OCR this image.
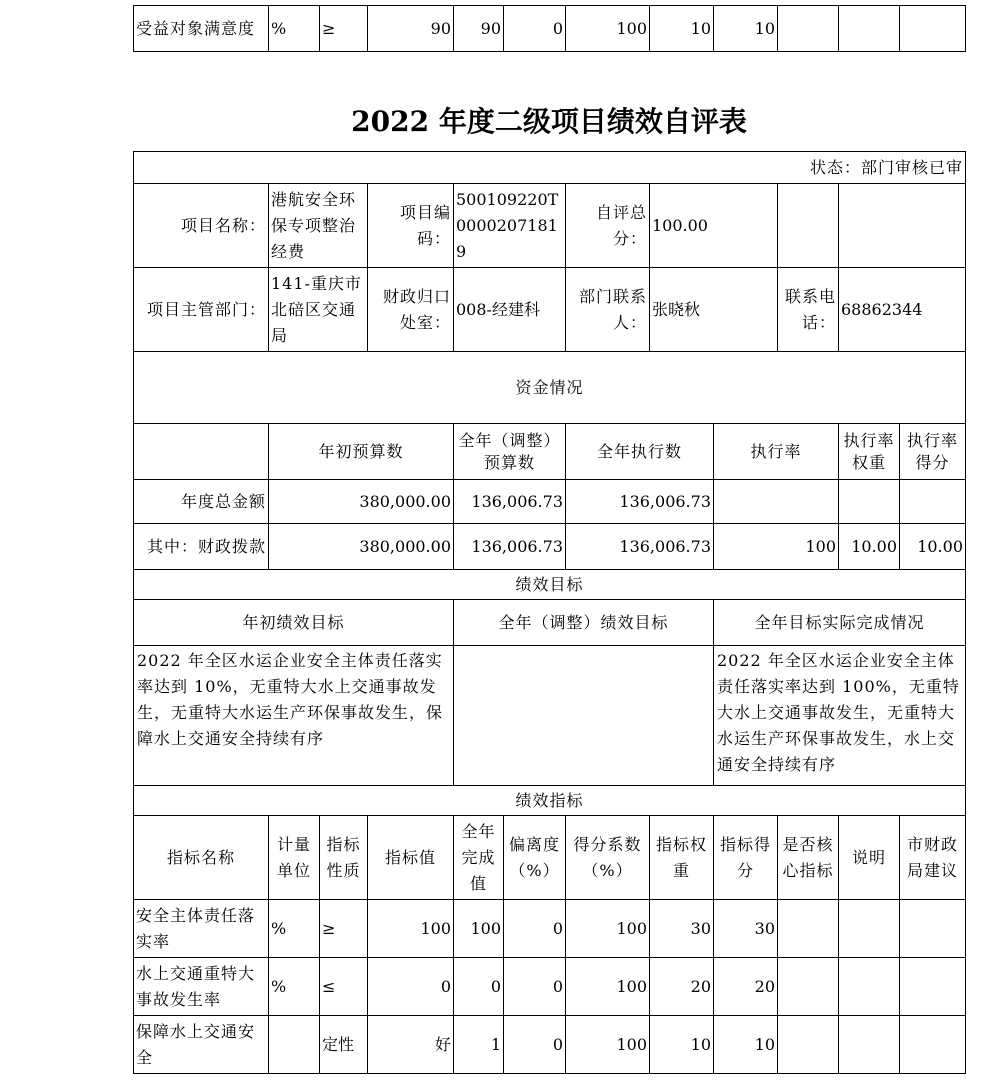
受益对象满意度	%	≥	90	90	0	100	10	10			
2022 年度二级项目绩效自评表
状态：部门审核已审											
项目名称：	港航安全环保专项整治经费		项目编码：	500109220T00002071819		自评总分：	100.00				
项目主管部门：	141-重庆市北碚区交通局		财政归口处室：	008-经建科		部门联系人：	张晓秋		联系电话：	68862344	
资金情况											
	年初预算数			全年（调整）预算数		全年执行数		执行率		执行率权重	执行率得分
年度总金额	380,000.00			136,006.73		136,006.73					
其中：财政拨款	380,000.00			136,006.73		136,006.73		100		10.00	10.00
绩效目标											
年初绩效目标				全年（调整）绩效目标				全年目标实际完成情况			
2022 年全区水运企业安全主体责任落实率达到 10%，无重特大水上交通事故发生，无重特大水运生产环保事故发生，保障水上交通安全持续有序								2022 年全区水运企业安全主体责任落实率达到 100%，无重特大水上交通事故发生，无重特大水运生产环保事故发生，水上交通安全持续有序			
绩效指标											
指标名称	计量单位	指标性质	指标值	全年完成值	偏离度（%）	得分系数（%）	指标权重	指标得分	是否核心指标	说明	市财政局建议
安全主体责任落实率	%	≥	100	100	0	100	30	30			
水上交通重特大事故发生率	%	≤	0	0	0	100	20	20			
保障水上交通安全		定性	好	1	0	100	10	10			
